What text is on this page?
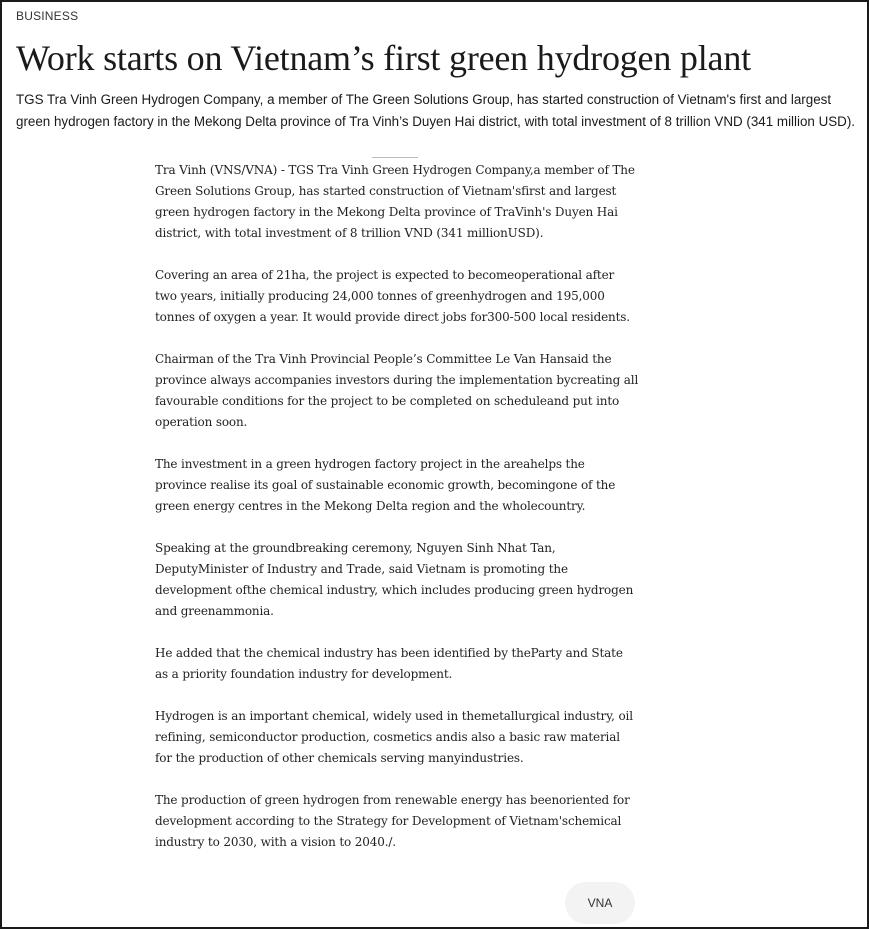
BUSINESS
Work starts on Vietnam’s first green hydrogen plant

TGS Tra Vinh Green Hydrogen Company, a member of The Green Solutions Group, has started construction of Vietnam's first and largest green hydrogen factory in the Mekong Delta province of Tra Vinh’s Duyen Hai district, with total investment of 8 trillion VND (341 million USD).

Tra Vinh (VNS/VNA) - TGS Tra Vinh Green Hydrogen Company,a member of The Green Solutions Group, has started construction of Vietnam'sfirst and largest green hydrogen factory in the Mekong Delta province of TraVinh's Duyen Hai district, with total investment of 8 trillion VND (341 millionUSD).

Covering an area of 21ha, the project is expected to becomeoperational after two years, initially producing 24,000 tonnes of greenhydrogen and 195,000 tonnes of oxygen a year. It would provide direct jobs for300-500 local residents.

Chairman of the Tra Vinh Provincial People’s Committee Le Van Hansaid the province always accompanies investors during the implementation bycreating all favourable conditions for the project to be completed on scheduleand put into operation soon.

The investment in a green hydrogen factory project in the areahelps the province realise its goal of sustainable economic growth, becomingone of the green energy centres in the Mekong Delta region and the wholecountry.

Speaking at the groundbreaking ceremony, Nguyen Sinh Nhat Tan, DeputyMinister of Industry and Trade, said Vietnam is promoting the development ofthe chemical industry, which includes producing green hydrogen and greenammonia.

He added that the chemical industry has been identified by theParty and State as a priority foundation industry for development.

Hydrogen is an important chemical, widely used in themetallurgical industry, oil refining, semiconductor production, cosmetics andis also a basic raw material for the production of other chemicals serving manyindustries.

The production of green hydrogen from renewable energy has beenoriented for development according to the Strategy for Development of Vietnam'schemical industry to 2030, with a vision to 2040./.

VNA
